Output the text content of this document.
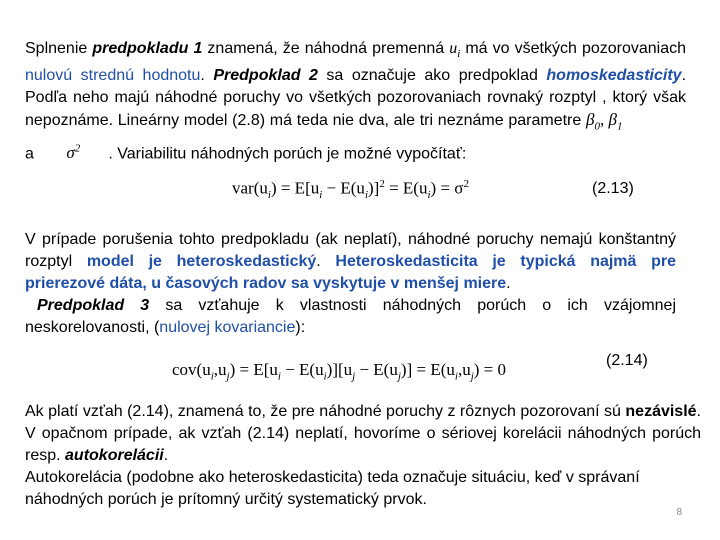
Splnenie predpokladu 1 znamená, že náhodná premenná $u_i$ má vo všetkých pozorovaniach nulovú strednú hodnotu. Predpoklad 2 sa označuje ako predpoklad homoskedasticity. Podľa neho majú náhodné poruchy vo všetkých pozorovaniach rovnaký rozptyl , ktorý však nepoznáme. Lineárny model (2.8) má teda nie dva, ale tri neznáme parametre $\beta_0$, $\beta_1a$ $\sigma^2$ . Variabilitu náhodných porúch je možné vypočítať:
$var(u_i) = E[u_i - E(u_i)]^2 = E(u_i) = \sigma^2$	(2.13)
V prípade porušenia tohto predpokladu (ak neplatí), náhodné poruchy nemajú konštantný rozptyl model je heteroskedastický. Heteroskedasticita je typická najmä pre prierezové dáta, u časových radov sa vyskytuje v menšej miere.
Predpoklad 3 sa vzťahuje k vlastnosti náhodných porúch o ich vzájomnej neskorelovanosti, (nulovej kovariancie):
$cov(u_i,u_j) = E[u_i - E(u_i)][u_j - E(u_j)] = E(u_i,u_j) = 0$	(2.14)
Ak platí vzťah (2.14), znamená to, že pre náhodné poruchy z rôznych pozorovaní sú nezávislé. V opačnom prípade, ak vzťah (2.14) neplatí, hovoríme o sériovej korelácii náhodných porúch resp. autokorelácii.

Autokorelácia (podobne ako heteroskedasticita) teda označuje situáciu, keď v správaní náhodných porúch je prítomný určitý systematický prvok.
8
